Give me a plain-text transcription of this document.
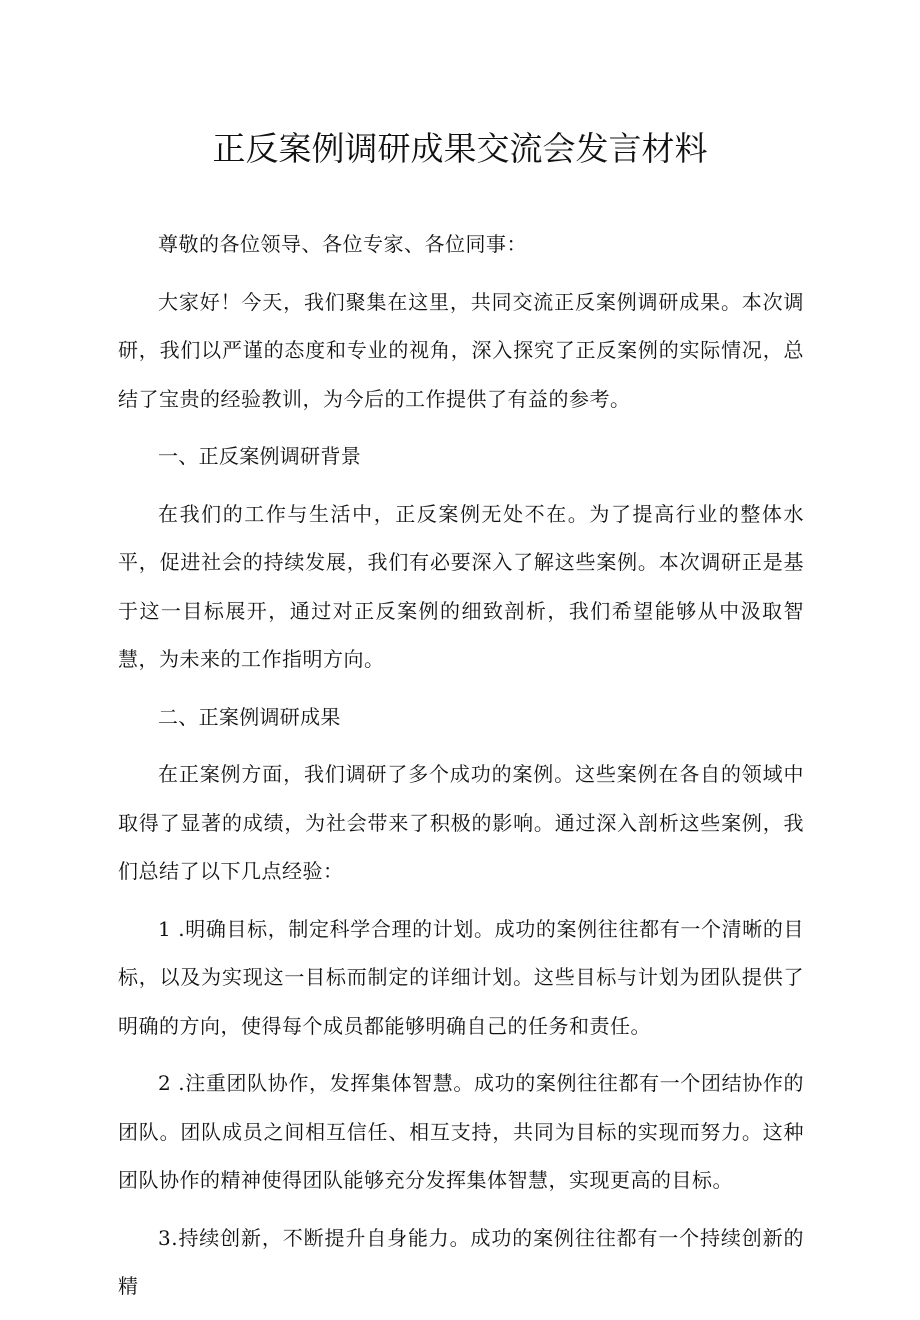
正反案例调研成果交流会发言材料

尊敬的各位领导、各位专家、各位同事：

大家好！今天，我们聚集在这里，共同交流正反案例调研成果。本次调研，我们以严谨的态度和专业的视角，深入探究了正反案例的实际情况，总结了宝贵的经验教训，为今后的工作提供了有益的参考。

一、正反案例调研背景

在我们的工作与生活中，正反案例无处不在。为了提高行业的整体水平，促进社会的持续发展，我们有必要深入了解这些案例。本次调研正是基于这一目标展开，通过对正反案例的细致剖析，我们希望能够从中汲取智慧，为未来的工作指明方向。

二、正案例调研成果

在正案例方面，我们调研了多个成功的案例。这些案例在各自的领域中取得了显著的成绩，为社会带来了积极的影响。通过深入剖析这些案例，我们总结了以下几点经验：

1 .明确目标，制定科学合理的计划。成功的案例往往都有一个清晰的目标，以及为实现这一目标而制定的详细计划。这些目标与计划为团队提供了明确的方向，使得每个成员都能够明确自己的任务和责任。

2 .注重团队协作，发挥集体智慧。成功的案例往往都有一个团结协作的团队。团队成员之间相互信任、相互支持，共同为目标的实现而努力。这种团队协作的精神使得团队能够充分发挥集体智慧，实现更高的目标。

3.持续创新，不断提升自身能力。成功的案例往往都有一个持续创新的精
